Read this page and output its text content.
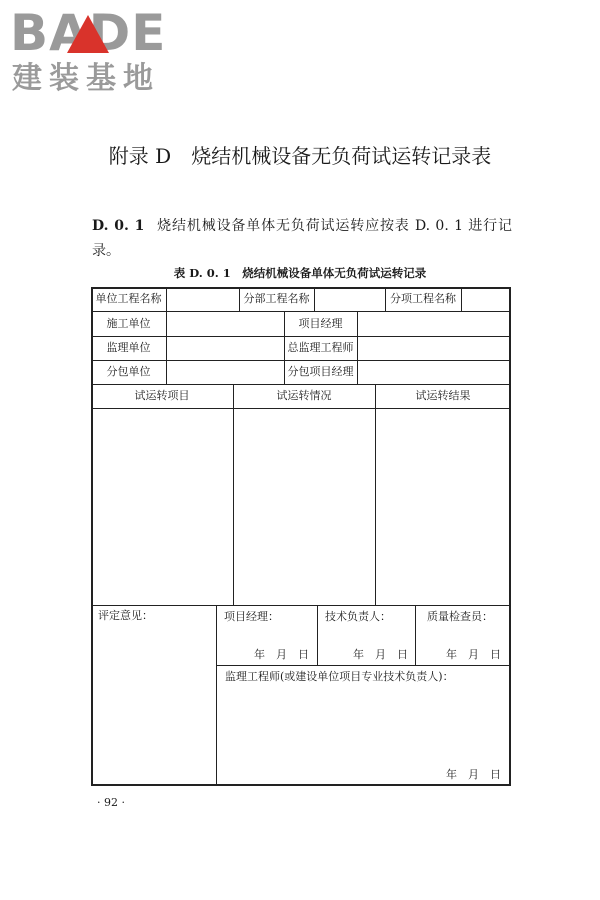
BADE
建装基地
附录 D　烧结机械设备无负荷试运转记录表
D. 0. 1 烧结机械设备单体无负荷试运转应按表 D. 0. 1 进行记录。
表 D. 0. 1　烧结机械设备单体无负荷试运转记录
单位工程名称	分部工程名称	分项工程名称
施工单位	项目经理
监理单位	总监理工程师
分包单位	分包项目经理
试运转项目	试运转情况	试运转结果
评定意见：	项目经理：	技术负责人：	质量检查员：
年　月　日	年　月　日	年　月　日
监理工程师(或建设单位项目专业技术负责人)：
年　月　日
· 92 ·
